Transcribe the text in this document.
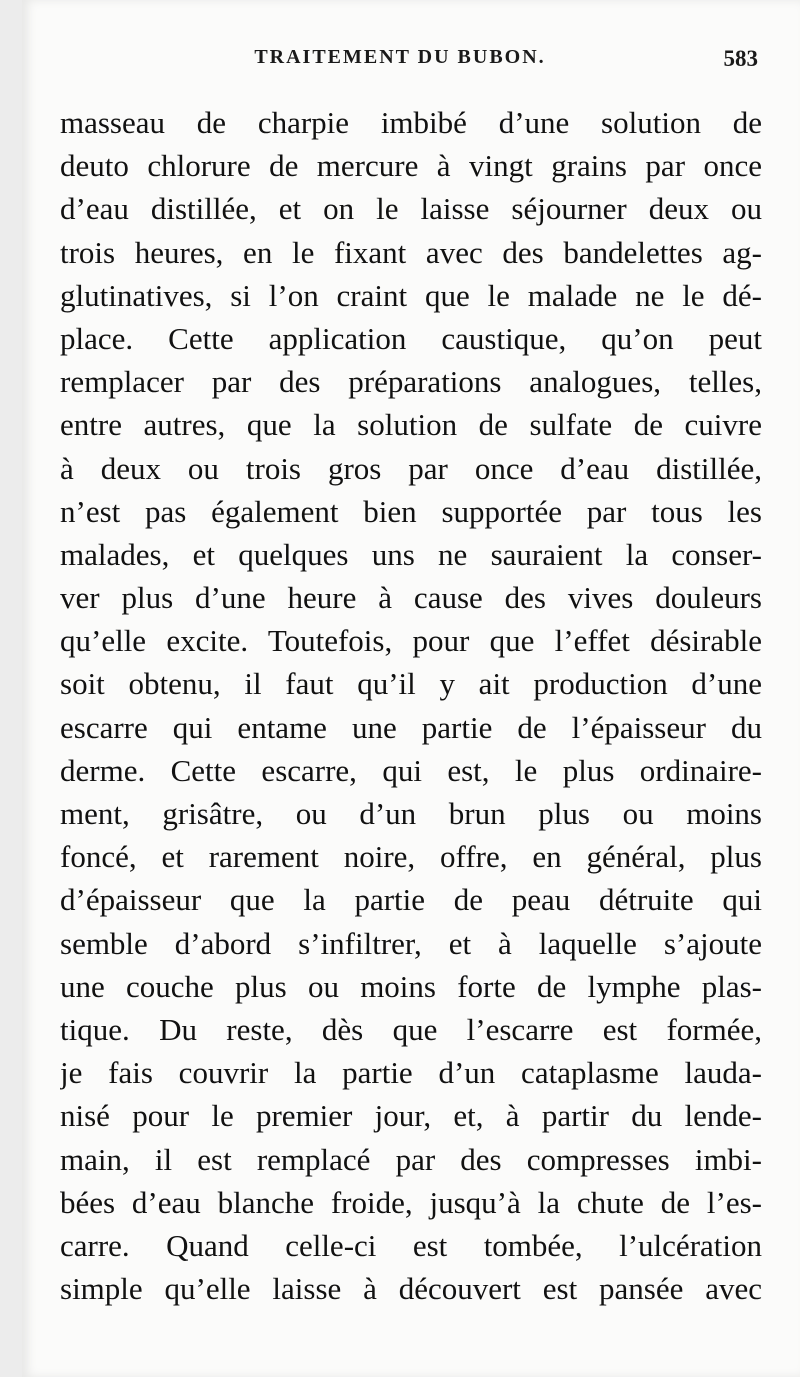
TRAITEMENT DU BUBON.	583
masseau de charpie imbibé d’une solution de
deuto chlorure de mercure à vingt grains par once
d’eau distillée, et on le laisse séjourner deux ou
trois heures, en le fixant avec des bandelettes ag-
glutinatives, si l’on craint que le malade ne le dé-
place. Cette application caustique, qu’on peut
remplacer par des préparations analogues, telles,
entre autres, que la solution de sulfate de cuivre
à deux ou trois gros par once d’eau distillée,
n’est pas également bien supportée par tous les
malades, et quelques uns ne sauraient la conser-
ver plus d’une heure à cause des vives douleurs
qu’elle excite. Toutefois, pour que l’effet désirable
soit obtenu, il faut qu’il y ait production d’une
escarre qui entame une partie de l’épaisseur du
derme. Cette escarre, qui est, le plus ordinaire-
ment, grisâtre, ou d’un brun plus ou moins
foncé, et rarement noire, offre, en général, plus
d’épaisseur que la partie de peau détruite qui
semble d’abord s’infiltrer, et à laquelle s’ajoute
une couche plus ou moins forte de lymphe plas-
tique. Du reste, dès que l’escarre est formée,
je fais couvrir la partie d’un cataplasme lauda-
nisé pour le premier jour, et, à partir du lende-
main, il est remplacé par des compresses imbi-
bées d’eau blanche froide, jusqu’à la chute de l’es-
carre. Quand celle-ci est tombée, l’ulcération
simple qu’elle laisse à découvert est pansée avec
